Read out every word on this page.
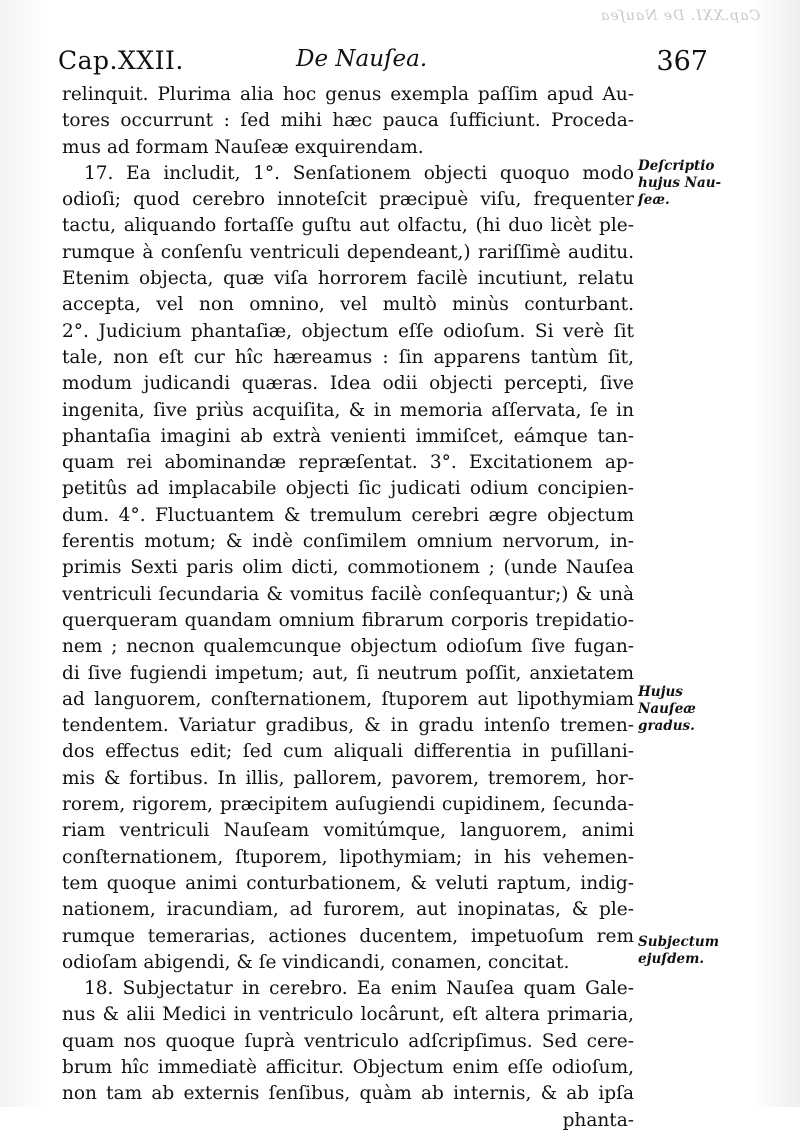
Cap.XXI. De Nauſea
Cap.XXII.	De Nauſea.	367
relinquit. Plurima alia hoc genus exempla paſſim apud Au-
tores occurrunt : ſed mihi hæc pauca ſufficiunt. Proceda-
mus ad formam Nauſeæ exquirendam.
17. Ea includit, 1°. Senſationem objecti quoquo modo
odioſi; quod cerebro innoteſcit præcipuè viſu, frequenter
tactu, aliquando fortaſſe guſtu aut olfactu, (hi duo licèt ple-
rumque à conſenſu ventriculi dependeant,) rariſſimè auditu.
Etenim objecta, quæ viſa horrorem facilè incutiunt, relatu
accepta, vel non omnino, vel multò minùs conturbant.
2°. Judicium phantaſiæ, objectum eſſe odioſum. Si verè ſit
tale, non eſt cur hîc hæreamus : ſin apparens tantùm ſit,
modum judicandi quæras. Idea odii objecti percepti, ſive
ingenita, ſive priùs acquiſita, & in memoria aſſervata, ſe in
phantaſia imagini ab extrà venienti immiſcet, eámque tan-
quam rei abominandæ repræſentat. 3°. Excitationem ap-
petitûs ad implacabile objecti ſic judicati odium concipien-
dum. 4°. Fluctuantem & tremulum cerebri ægre objectum
ferentis motum; & indè conſimilem omnium nervorum, in-
primis Sexti paris olim dicti, commotionem ; (unde Nauſea
ventriculi ſecundaria & vomitus facilè conſequantur;) & unà
querqueram quandam omnium fibrarum corporis trepidatio-
nem ; necnon qualemcunque objectum odioſum ſive fugan-
di ſive fugiendi impetum; aut, ſi neutrum poſſit, anxietatem
ad languorem, conſternationem, ſtuporem aut lipothymiam
tendentem. Variatur gradibus, & in gradu intenſo tremen-
dos effectus edit; ſed cum aliquali differentia in puſillani-
mis & fortibus. In illis, pallorem, pavorem, tremorem, hor-
rorem, rigorem, præcipitem auſugiendi cupidinem, ſecunda-
riam ventriculi Nauſeam vomitúmque, languorem, animi
conſternationem, ſtuporem, lipothymiam; in his vehemen-
tem quoque animi conturbationem, & veluti raptum, indig-
nationem, iracundiam, ad furorem, aut inopinatas, & ple-
rumque temerarias, actiones ducentem, impetuoſum rem
odioſam abigendi, & ſe vindicandi, conamen, concitat.
18. Subjectatur in cerebro. Ea enim Nauſea quam Gale-
nus & alii Medici in ventriculo locârunt, eſt altera primaria,
quam nos quoque ſuprà ventriculo adſcripſimus. Sed cere-
brum hîc immediatè afficitur. Objectum enim eſſe odioſum,
non tam ab externis ſenſibus, quàm ab internis, & ab ipſa
phanta-
Deſcriptio
hujus Nau-
ſeæ.
Hujus
Nauſeæ
gradus.
Subjectum
ejuſdem.
